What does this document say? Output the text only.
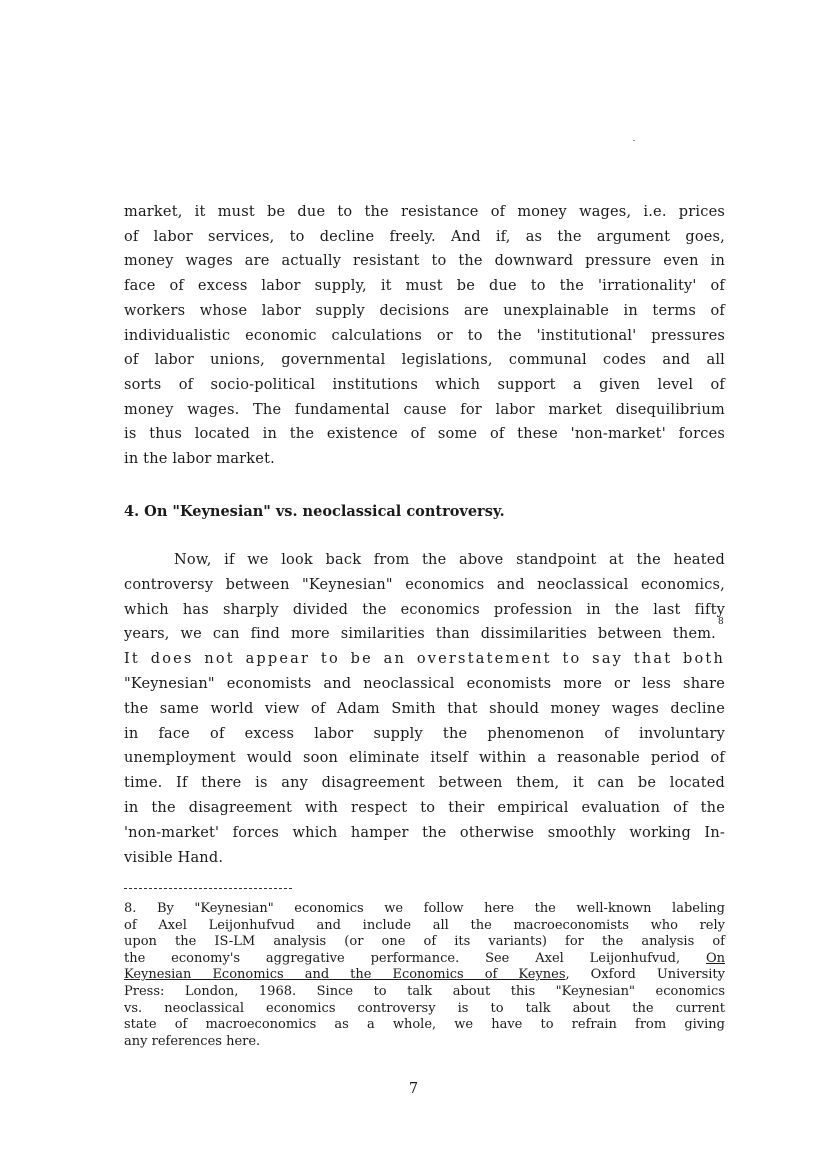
market, it must be due to the resistance of money wages, i.e. prices
of labor services, to decline freely. And if, as the argument goes,
money wages are actually resistant to the downward pressure even in
face of excess labor supply, it must be due to the 'irrationality' of
workers whose labor supply decisions are unexplainable in terms of
individualistic economic calculations or to the 'institutional' pressures
of labor unions, governmental legislations, communal codes and all
sorts of socio-political institutions which support a given level of
money wages. The fundamental cause for labor market disequilibrium
is thus located in the existence of some of these 'non-market' forces
in the labor market.
4. On "Keynesian" vs. neoclassical controversy.
Now, if we look back from the above standpoint at the heated
controversy between "Keynesian" economics and neoclassical economics,
which has sharply divided the economics profession in the last fifty
years, we can find more similarities than dissimilarities between them.
8
It does not appear to be an overstatement to say that both
"Keynesian" economists and neoclassical economists more or less share
the same world view of Adam Smith that should money wages decline
in face of excess labor supply the phenomenon of involuntary
unemployment would soon eliminate itself within a reasonable period of
time. If there is any disagreement between them, it can be located
in the disagreement with respect to their empirical evaluation of the
'non-market' forces which hamper the otherwise smoothly working In-
visible Hand.
8. By "Keynesian" economics we follow here the well-known labeling
of Axel Leijonhufvud and include all the macroeconomists who rely
upon the IS-LM analysis (or one of its variants) for the analysis of
the economy's aggregative performance. See Axel Leijonhufvud, On
Keynesian Economics and the Economics of Keynes, Oxford University
Press: London, 1968. Since to talk about this "Keynesian" economics
vs. neoclassical economics controversy is to talk about the current
state of macroeconomics as a whole, we have to refrain from giving
any references here.
7
